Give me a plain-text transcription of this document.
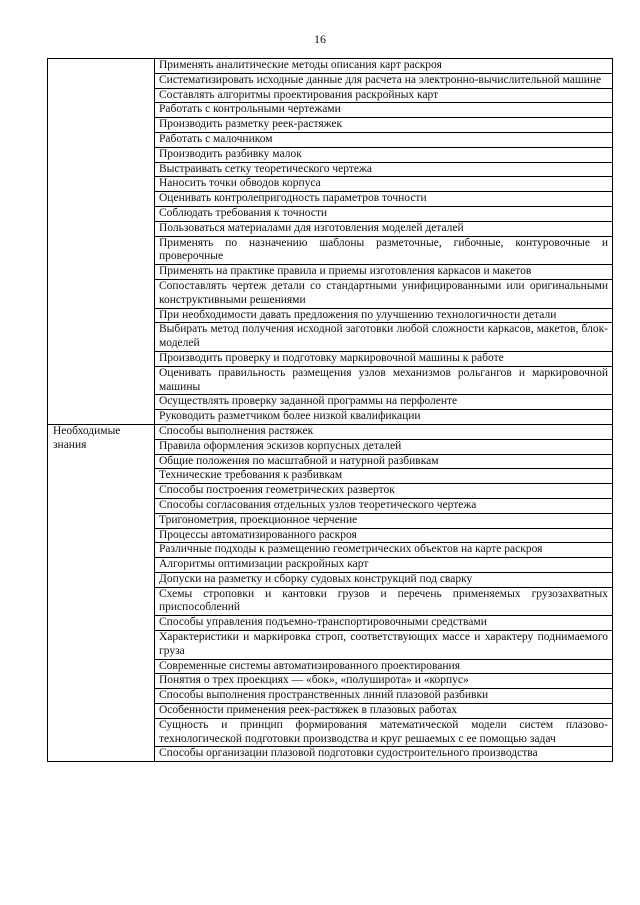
16
	Применять аналитические методы описания карт раскроя
	Систематизировать исходные данные для расчета на электронно-вычислительной машине
	Составлять алгоритмы проектирования раскройных карт
	Работать с контрольными чертежами
	Производить разметку реек-растяжек
	Работать с малочником
	Производить разбивку малок
	Выстраивать сетку теоретического чертежа
	Наносить точки обводов корпуса
	Оценивать контролепригодность параметров точности
	Соблюдать требования к точности
	Пользоваться материалами для изготовления моделей деталей
	Применять по назначению шаблоны разметочные, гибочные, контуровочные и проверочные
	Применять на практике правила и приемы изготовления каркасов и макетов
	Сопоставлять чертеж детали со стандартными унифицированными или оригинальными конструктивными решениями
	При необходимости давать предложения по улучшению технологичности детали
	Выбирать метод получения исходной заготовки любой сложности каркасов, макетов, блок-моделей
	Производить проверку и подготовку маркировочной машины к работе
	Оценивать правильность размещения узлов механизмов рольгангов и маркировочной машины
	Осуществлять проверку заданной программы на перфоленте
	Руководить разметчиком более низкой квалификации
Необходимые знания	Способы выполнения растяжек
	Правила оформления эскизов корпусных деталей
	Общие положения по масштабной и натурной разбивкам
	Технические требования к разбивкам
	Способы построения геометрических разверток
	Способы согласования отдельных узлов теоретического чертежа
	Тригонометрия, проекционное черчение
	Процессы автоматизированного раскроя
	Различные подходы к размещению геометрических объектов на карте раскроя
	Алгоритмы оптимизации раскройных карт
	Допуски на разметку и сборку судовых конструкций под сварку
	Схемы строповки и кантовки грузов и перечень применяемых грузозахватных приспособлений
	Способы управления подъемно-транспортировочными средствами
	Характеристики и маркировка строп, соответствующих массе и характеру поднимаемого груза
	Современные системы автоматизированного проектирования
	Понятия о трех проекциях — «бок», «полуширота» и «корпус»
	Способы выполнения пространственных линий плазовой разбивки
	Особенности применения реек-растяжек в плазовых работах
	Сущность и принцип формирования математической модели систем плазово-технологической подготовки производства и круг решаемых с ее помощью задач
	Способы организации плазовой подготовки судостроительного производства
